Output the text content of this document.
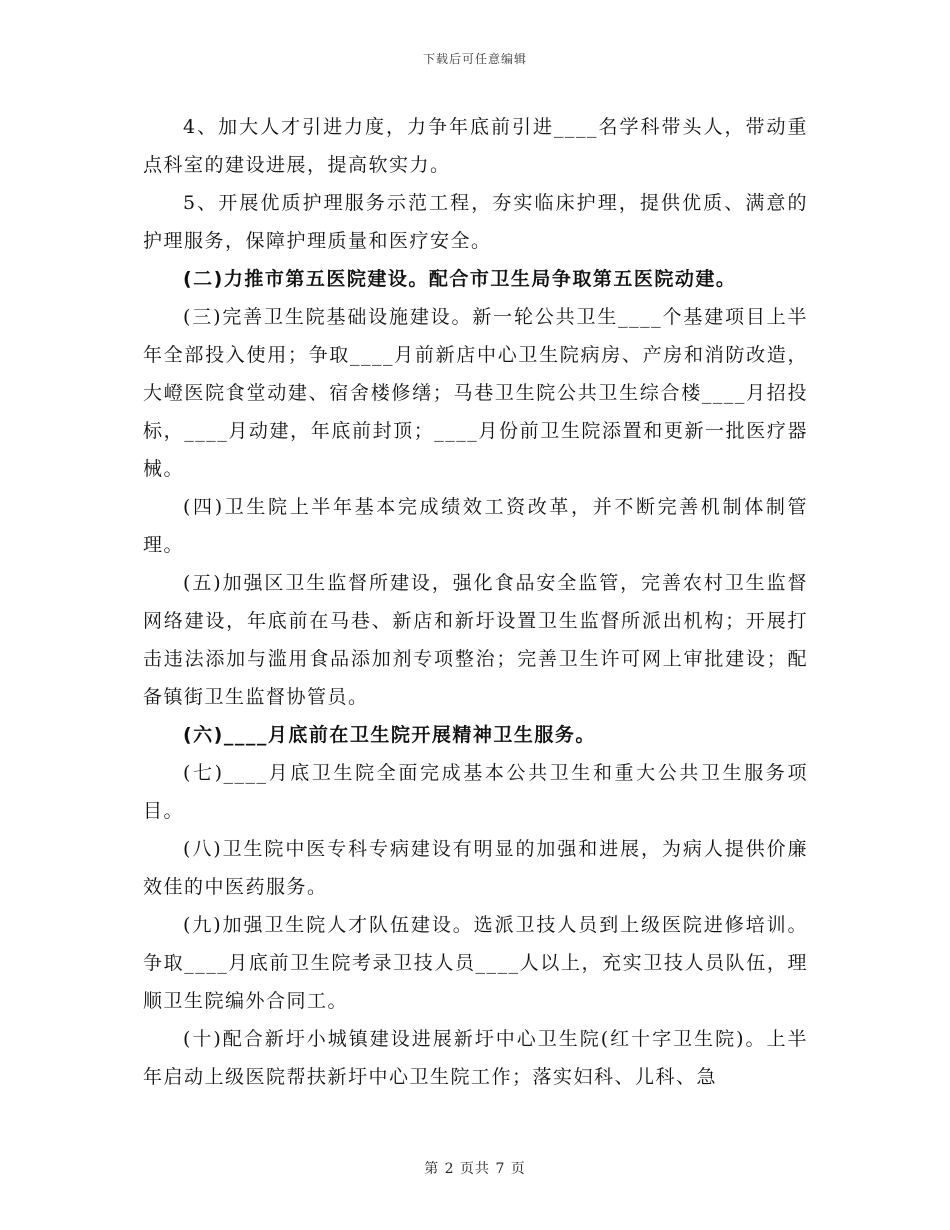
下载后可任意编辑

4、加大人才引进力度，力争年底前引进____名学科带头人，带动重点科室的建设进展，提高软实力。

5、开展优质护理服务示范工程，夯实临床护理，提供优质、满意的护理服务，保障护理质量和医疗安全。

(二)力推市第五医院建设。配合市卫生局争取第五医院动建。

(三)完善卫生院基础设施建设。新一轮公共卫生____个基建项目上半年全部投入使用；争取____月前新店中心卫生院病房、产房和消防改造，大嶝医院食堂动建、宿舍楼修缮；马巷卫生院公共卫生综合楼____月招投标，____月动建，年底前封顶；____月份前卫生院添置和更新一批医疗器械。

(四)卫生院上半年基本完成绩效工资改革，并不断完善机制体制管理。

(五)加强区卫生监督所建设，强化食品安全监管，完善农村卫生监督网络建设，年底前在马巷、新店和新圩设置卫生监督所派出机构；开展打击违法添加与滥用食品添加剂专项整治；完善卫生许可网上审批建设；配备镇街卫生监督协管员。

(六)____月底前在卫生院开展精神卫生服务。

(七)____月底卫生院全面完成基本公共卫生和重大公共卫生服务项目。

(八)卫生院中医专科专病建设有明显的加强和进展，为病人提供价廉效佳的中医药服务。

(九)加强卫生院人才队伍建设。选派卫技人员到上级医院进修培训。争取____月底前卫生院考录卫技人员____人以上，充实卫技人员队伍，理顺卫生院编外合同工。

(十)配合新圩小城镇建设进展新圩中心卫生院(红十字卫生院)。上半年启动上级医院帮扶新圩中心卫生院工作；落实妇科、儿科、急

第 2 页共 7 页
